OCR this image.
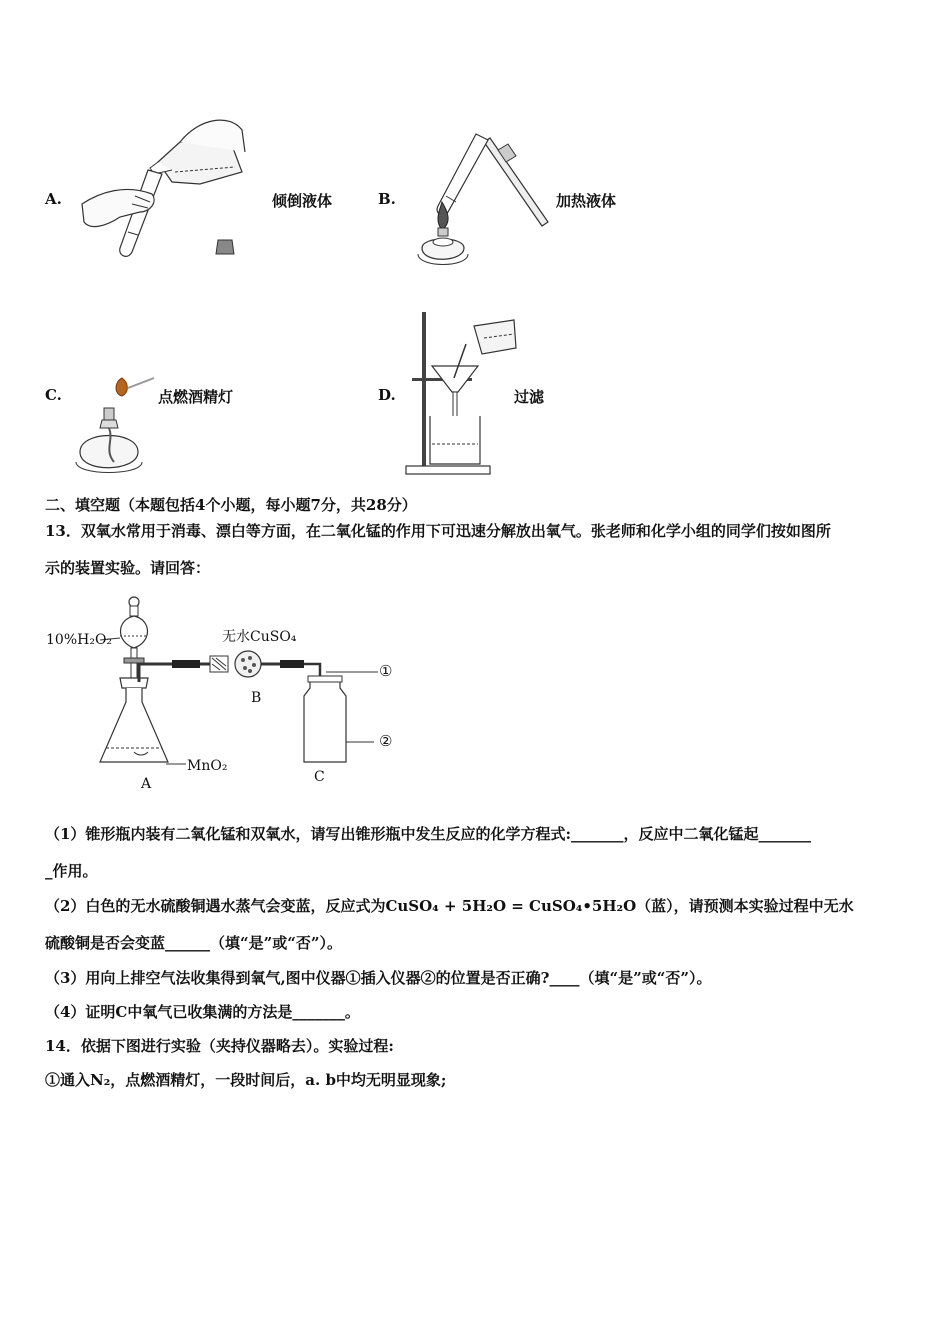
A.	倾倒液体	B.	加热液体
C.	点燃酒精灯	D.	过滤
二、填空题（本题包括4个小题，每小题7分，共28分）
13．双氧水常用于消毒、漂白等方面，在二氧化锰的作用下可迅速分解放出氧气。张老师和化学小组的同学们按如图所
示的装置实验。请回答：
10%H₂O₂	无水CuSO₄
MnO₂
A
B
C
①
②
（1）锥形瓶内装有二氧化锰和双氧水，请写出锥形瓶中发生反应的化学方程式:_______，反应中二氧化锰起_______
_作用。
（2）白色的无水硫酸铜遇水蒸气会变蓝，反应式为CuSO₄ + 5H₂O = CuSO₄•5H₂O（蓝），请预测本实验过程中无水
硫酸铜是否会变蓝______（填“是”或“否”）。
（3）用向上排空气法收集得到氧气,图中仪器①插入仪器②的位置是否正确?____（填“是”或“否”）。
（4）证明C中氧气已收集满的方法是_______。
14．依据下图进行实验（夹持仪器略去）。实验过程:
①通入N₂，点燃酒精灯，一段时间后，a. b中均无明显现象;
